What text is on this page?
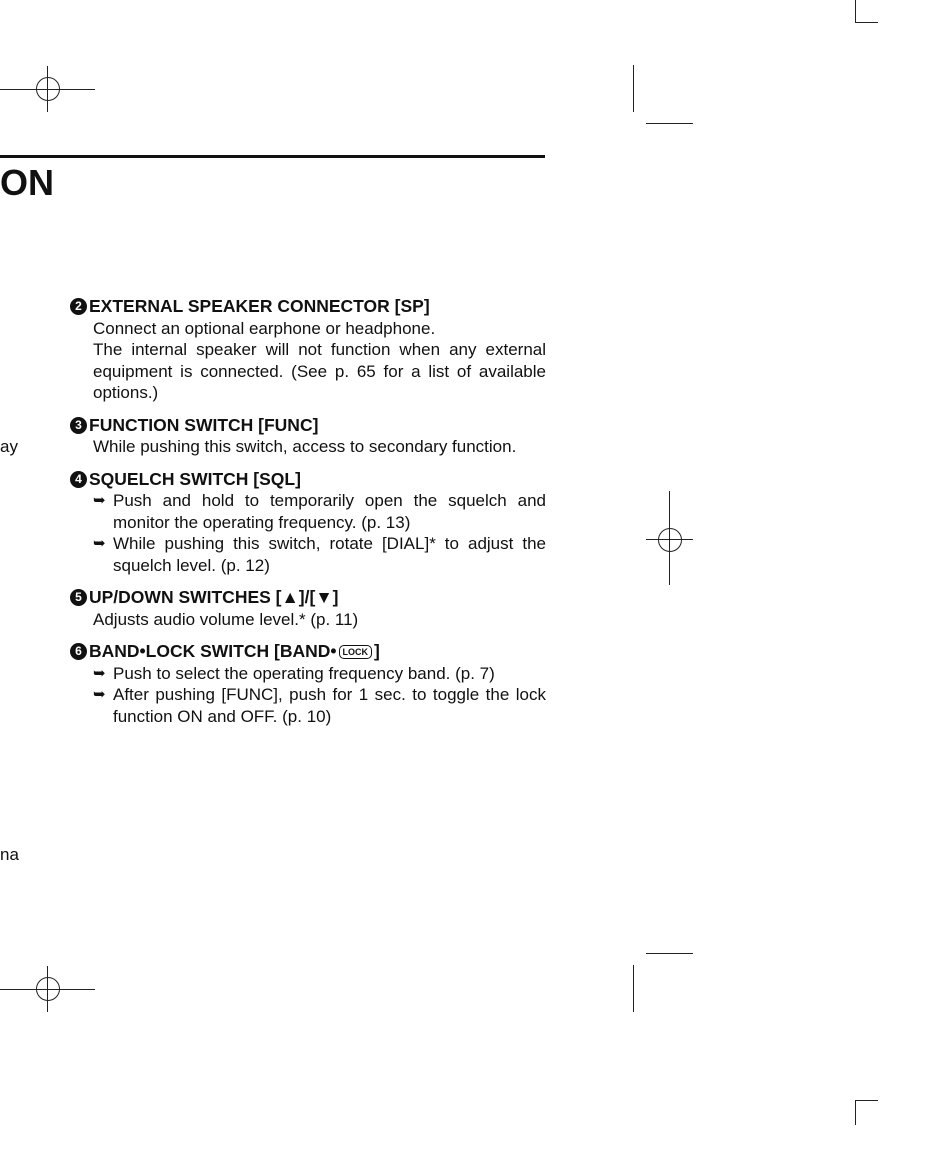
ON
ay
na
2 EXTERNAL SPEAKER CONNECTOR [SP]
Connect an optional earphone or headphone.
The internal speaker will not function when any external equipment is connected. (See p. 65 for a list of available options.)
3 FUNCTION SWITCH [FUNC]
While pushing this switch, access to secondary function.
4 SQUELCH SWITCH [SQL]
➥ Push and hold to temporarily open the squelch and monitor the operating frequency. (p. 13)
➥ While pushing this switch, rotate [DIAL]* to adjust the squelch level. (p. 12)
5 UP/DOWN SWITCHES [▲]/[▼]
Adjusts audio volume level.* (p. 11)
6 BAND•LOCK SWITCH [BAND• LOCK ]
➥ Push to select the operating frequency band. (p. 7)
➥ After pushing [FUNC], push for 1 sec. to toggle the lock function ON and OFF. (p. 10)
